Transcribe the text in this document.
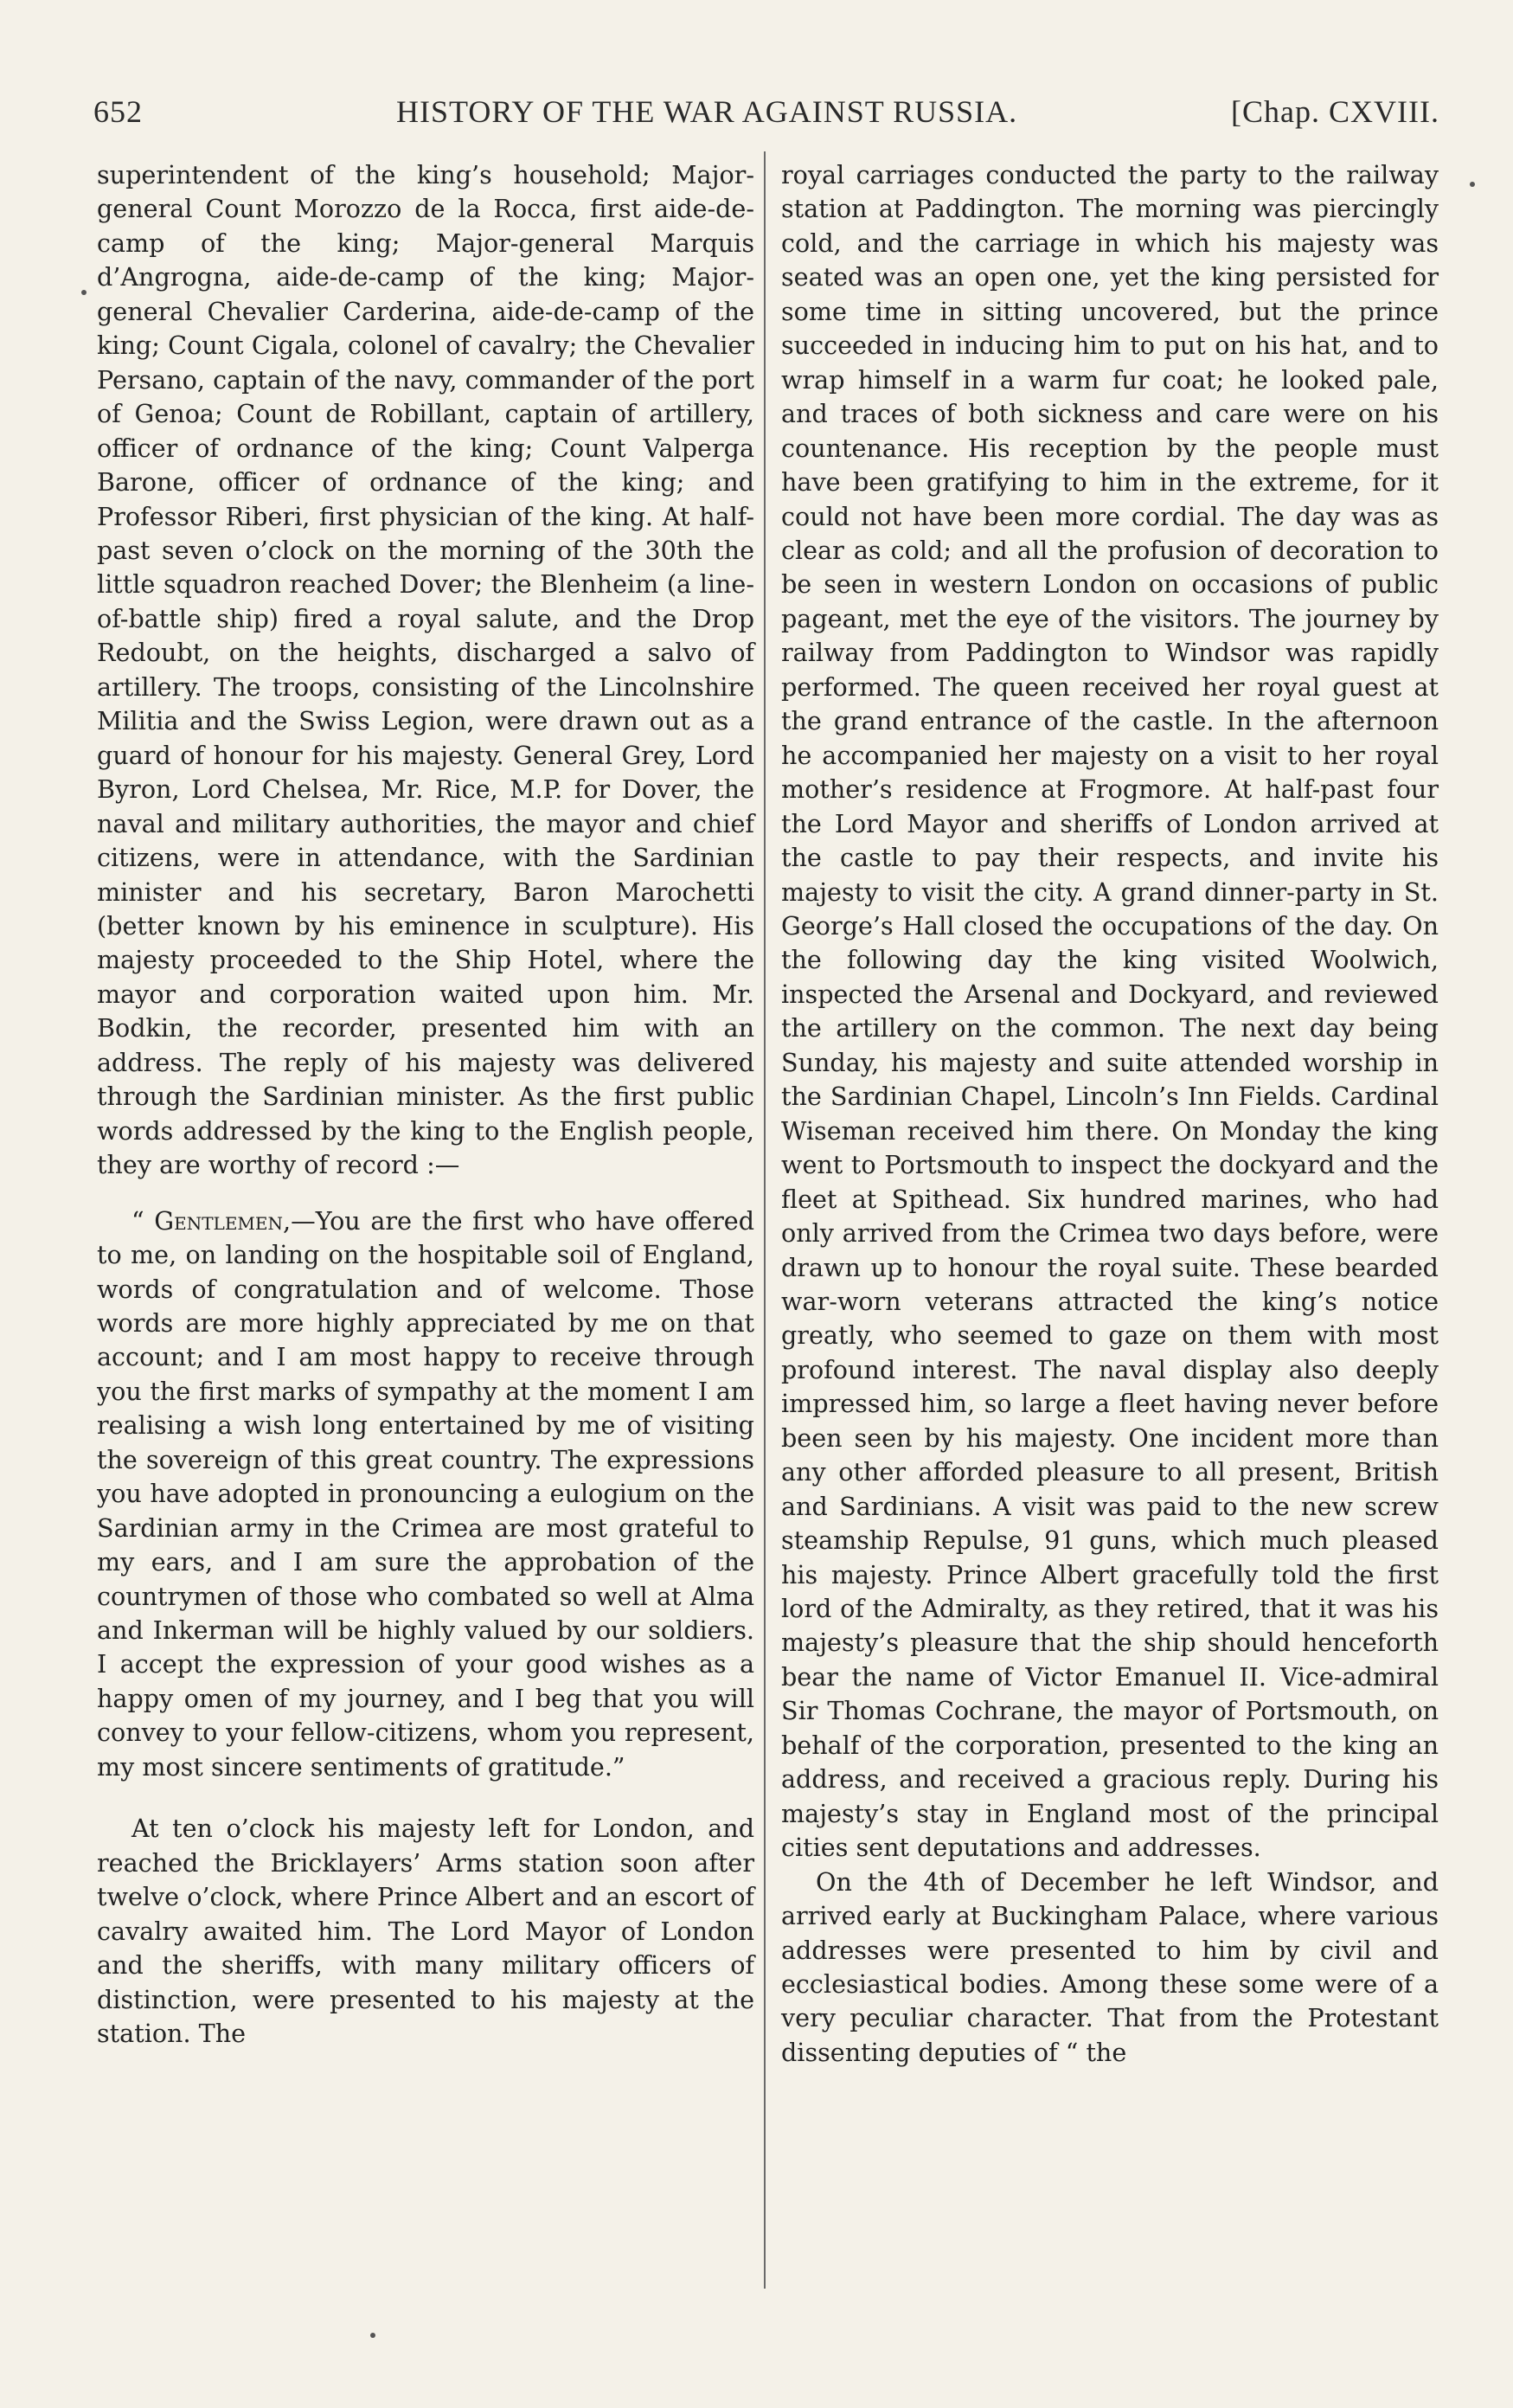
652	HISTORY OF THE WAR AGAINST RUSSIA.	[Chap. CXVIII.

superintendent of the king’s household; Major-general Count Morozzo de la Rocca, first aide-de-camp of the king; Major-general Marquis d’Angrogna, aide-de-camp of the king; Major-general Chevalier Carderina, aide-de-camp of the king; Count Cigala, colonel of cavalry; the Chevalier Persano, captain of the navy, commander of the port of Genoa; Count de Robillant, captain of artillery, officer of ordnance of the king; Count Valperga Barone, officer of ordnance of the king; and Professor Riberi, first physician of the king. At half-past seven o’clock on the morning of the 30th the little squadron reached Dover; the Blenheim (a line-of-battle ship) fired a royal salute, and the Drop Redoubt, on the heights, discharged a salvo of artillery. The troops, consisting of the Lincolnshire Militia and the Swiss Legion, were drawn out as a guard of honour for his majesty. General Grey, Lord Byron, Lord Chelsea, Mr. Rice, M.P. for Dover, the naval and military authorities, the mayor and chief citizens, were in attendance, with the Sardinian minister and his secretary, Baron Marochetti (better known by his eminence in sculpture). His majesty proceeded to the Ship Hotel, where the mayor and corporation waited upon him. Mr. Bodkin, the recorder, presented him with an address. The reply of his majesty was delivered through the Sardinian minister. As the first public words addressed by the king to the English people, they are worthy of record :—

“ Gentlemen,—You are the first who have offered to me, on landing on the hospitable soil of England, words of congratulation and of welcome. Those words are more highly appreciated by me on that account; and I am most happy to receive through you the first marks of sympathy at the moment I am realising a wish long entertained by me of visiting the sovereign of this great country. The expressions you have adopted in pronouncing a eulogium on the Sardinian army in the Crimea are most grateful to my ears, and I am sure the approbation of the countrymen of those who combated so well at Alma and Inkerman will be highly valued by our soldiers. I accept the expression of your good wishes as a happy omen of my journey, and I beg that you will convey to your fellow-citizens, whom you represent, my most sincere sentiments of gratitude.”

At ten o’clock his majesty left for London, and reached the Bricklayers’ Arms station soon after twelve o’clock, where Prince Albert and an escort of cavalry awaited him. The Lord Mayor of London and the sheriffs, with many military officers of distinction, were presented to his majesty at the station. The

royal carriages conducted the party to the railway station at Paddington. The morning was piercingly cold, and the carriage in which his majesty was seated was an open one, yet the king persisted for some time in sitting uncovered, but the prince succeeded in inducing him to put on his hat, and to wrap himself in a warm fur coat; he looked pale, and traces of both sickness and care were on his countenance. His reception by the people must have been gratifying to him in the extreme, for it could not have been more cordial. The day was as clear as cold; and all the profusion of decoration to be seen in western London on occasions of public pageant, met the eye of the visitors. The journey by railway from Paddington to Windsor was rapidly performed. The queen received her royal guest at the grand entrance of the castle. In the afternoon he accompanied her majesty on a visit to her royal mother’s residence at Frogmore. At half-past four the Lord Mayor and sheriffs of London arrived at the castle to pay their respects, and invite his majesty to visit the city. A grand dinner-party in St. George’s Hall closed the occupations of the day. On the following day the king visited Woolwich, inspected the Arsenal and Dockyard, and reviewed the artillery on the common. The next day being Sunday, his majesty and suite attended worship in the Sardinian Chapel, Lincoln’s Inn Fields. Cardinal Wiseman received him there. On Monday the king went to Portsmouth to inspect the dockyard and the fleet at Spithead. Six hundred marines, who had only arrived from the Crimea two days before, were drawn up to honour the royal suite. These bearded war-worn veterans attracted the king’s notice greatly, who seemed to gaze on them with most profound interest. The naval display also deeply impressed him, so large a fleet having never before been seen by his majesty. One incident more than any other afforded pleasure to all present, British and Sardinians. A visit was paid to the new screw steamship Repulse, 91 guns, which much pleased his majesty. Prince Albert gracefully told the first lord of the Admiralty, as they retired, that it was his majesty’s pleasure that the ship should henceforth bear the name of Victor Emanuel II. Vice-admiral Sir Thomas Cochrane, the mayor of Portsmouth, on behalf of the corporation, presented to the king an address, and received a gracious reply. During his majesty’s stay in England most of the principal cities sent deputations and addresses.

On the 4th of December he left Windsor, and arrived early at Buckingham Palace, where various addresses were presented to him by civil and ecclesiastical bodies. Among these some were of a very peculiar character. That from the Protestant dissenting deputies of “ the
